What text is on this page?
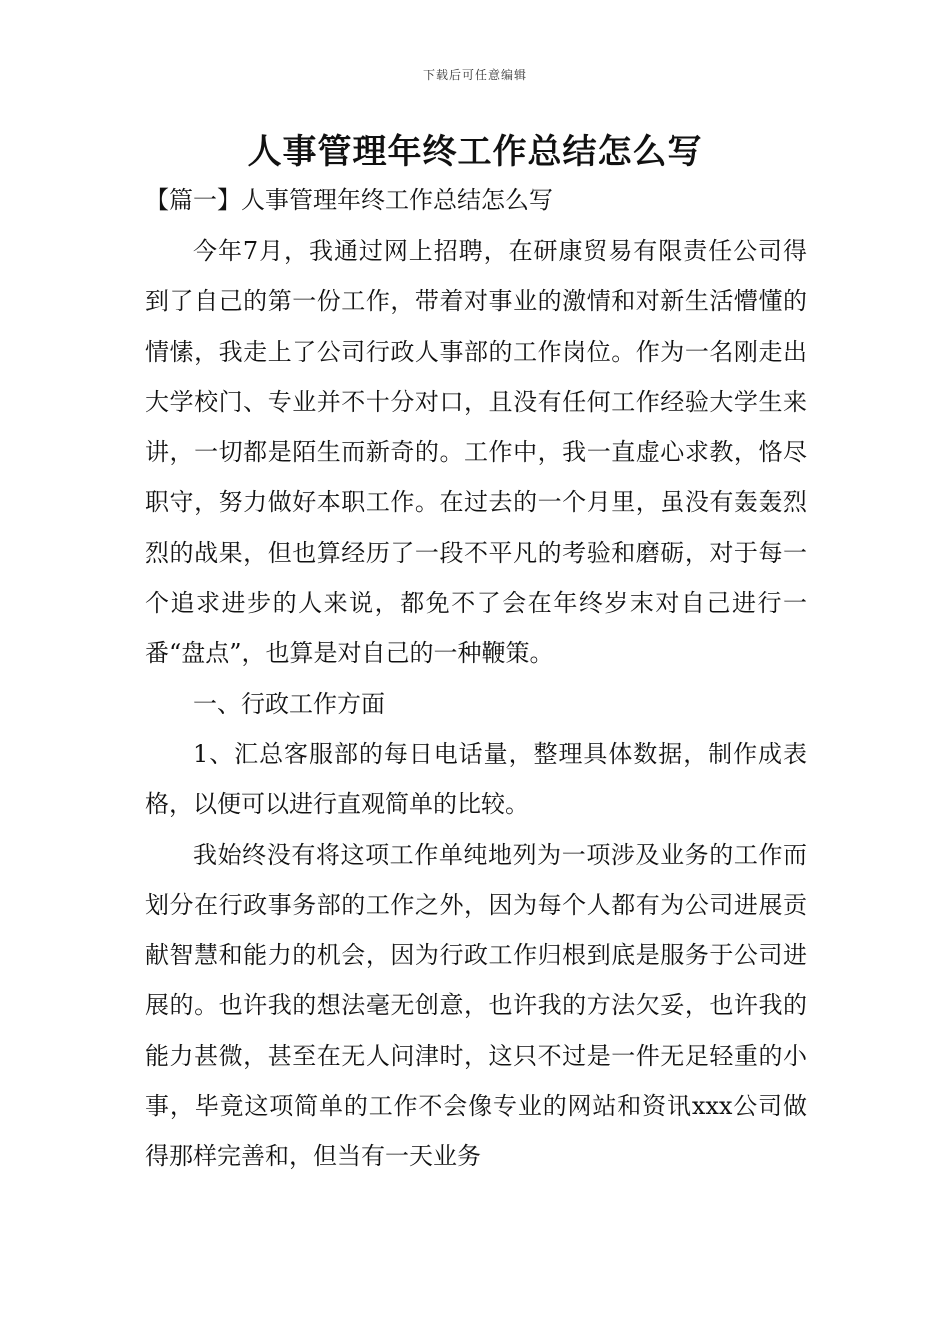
下载后可任意编辑
人事管理年终工作总结怎么写
【篇一】人事管理年终工作总结怎么写

今年7月，我通过网上招聘，在研康贸易有限责任公司得到了自己的第一份工作，带着对事业的激情和对新生活懵懂的情愫，我走上了公司行政人事部的工作岗位。作为一名刚走出大学校门、专业并不十分对口，且没有任何工作经验大学生来讲，一切都是陌生而新奇的。工作中，我一直虚心求教，恪尽职守，努力做好本职工作。在过去的一个月里，虽没有轰轰烈烈的战果，但也算经历了一段不平凡的考验和磨砺，对于每一个追求进步的人来说，都免不了会在年终岁末对自己进行一番“盘点”，也算是对自己的一种鞭策。

一、行政工作方面

1、汇总客服部的每日电话量，整理具体数据，制作成表格，以便可以进行直观简单的比较。

我始终没有将这项工作单纯地列为一项涉及业务的工作而划分在行政事务部的工作之外，因为每个人都有为公司进展贡献智慧和能力的机会，因为行政工作归根到底是服务于公司进展的。也许我的想法毫无创意，也许我的方法欠妥，也许我的能力甚微，甚至在无人问津时，这只不过是一件无足轻重的小事，毕竟这项简单的工作不会像专业的网站和资讯xxx公司做得那样完善和，但当有一天业务
